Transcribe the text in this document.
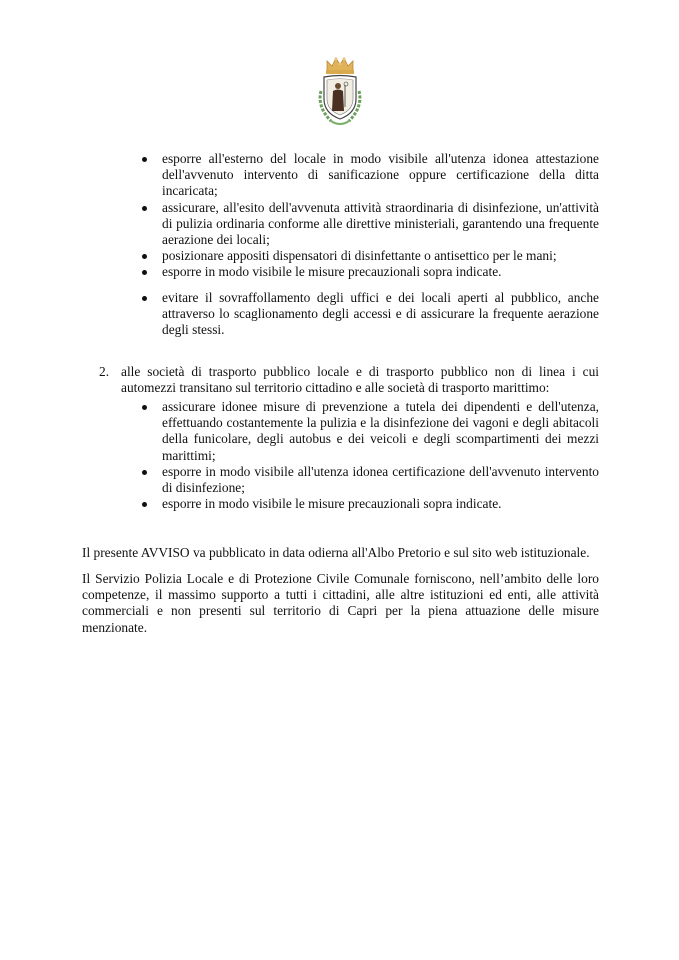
esporre all'esterno del locale in modo visibile all'utenza idonea attestazione dell'avvenuto intervento di sanificazione oppure certificazione della ditta incaricata;
assicurare, all'esito dell'avvenuta attività straordinaria di disinfezione, un'attività di pulizia ordinaria conforme alle direttive ministeriali, garantendo una frequente aerazione dei locali;
posizionare appositi dispensatori di disinfettante o antisettico per le mani;
esporre in modo visibile le misure precauzionali sopra indicate.
evitare il sovraffollamento degli uffici e dei locali aperti al pubblico, anche attraverso lo scaglionamento degli accessi e di assicurare la frequente aerazione degli stessi.
2. alle società di trasporto pubblico locale e di trasporto pubblico non di linea i cui automezzi transitano sul territorio cittadino e alle società di trasporto marittimo:
assicurare idonee misure di prevenzione a tutela dei dipendenti e dell'utenza, effettuando costantemente la pulizia e la disinfezione dei vagoni e degli abitacoli della funicolare, degli autobus e dei veicoli e degli scompartimenti dei mezzi marittimi;
esporre in modo visibile all'utenza idonea certificazione dell'avvenuto intervento di disinfezione;
esporre in modo visibile le misure precauzionali sopra indicate.
Il presente AVVISO va pubblicato in data odierna all'Albo Pretorio e sul sito web istituzionale.
Il Servizio Polizia Locale e di Protezione Civile Comunale forniscono, nell’ambito delle loro competenze, il massimo supporto a tutti i cittadini, alle altre istituzioni ed enti, alle attività commerciali e non presenti sul territorio di Capri per la piena attuazione delle misure menzionate.
